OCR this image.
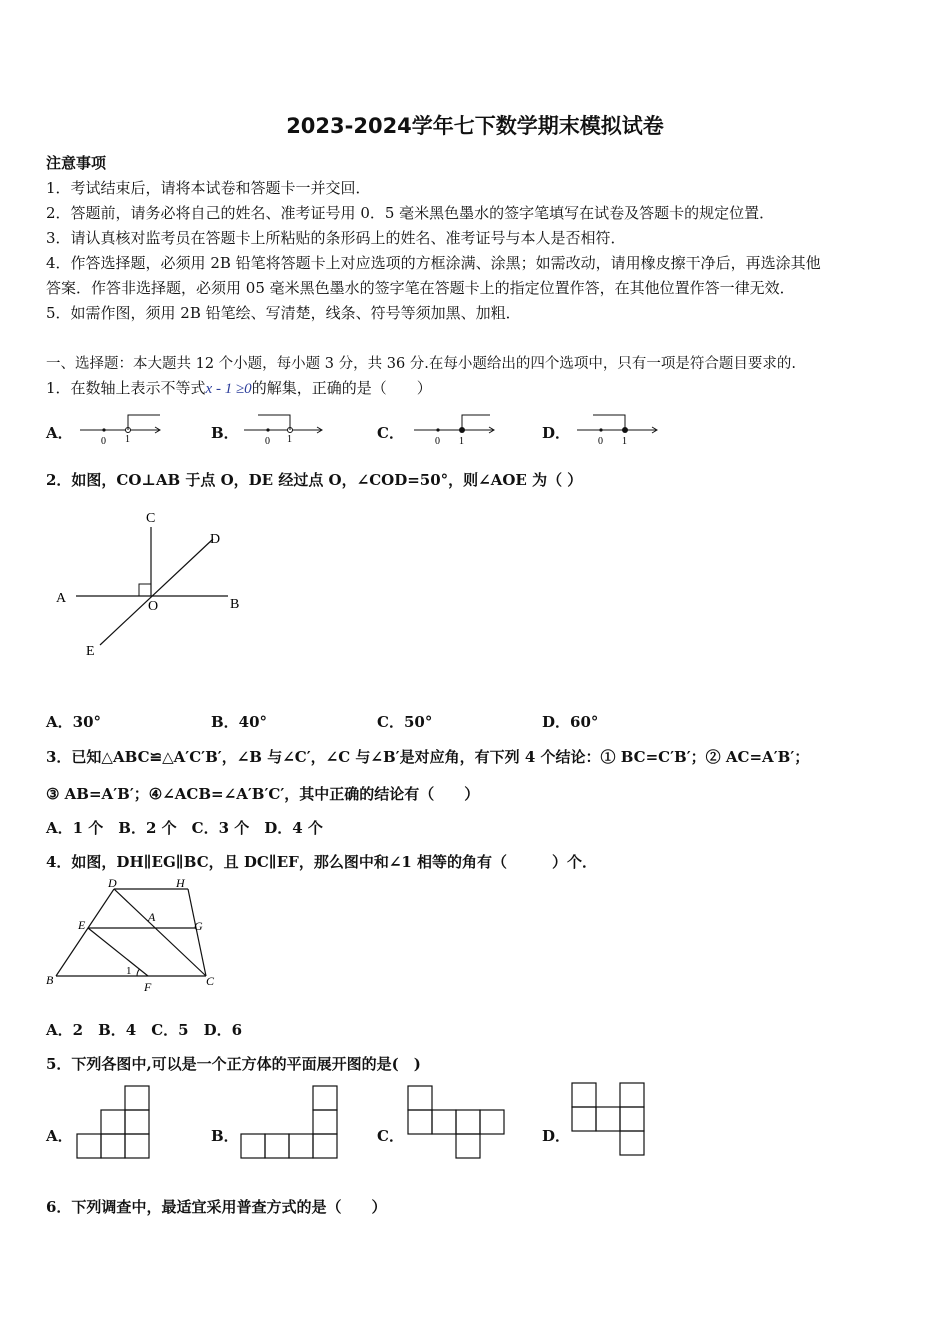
2023-2024学年七下数学期末模拟试卷
注意事项
1．考试结束后，请将本试卷和答题卡一并交回．
2．答题前，请务必将自己的姓名、准考证号用 0．5 毫米黑色墨水的签字笔填写在试卷及答题卡的规定位置．
3．请认真核对监考员在答题卡上所粘贴的条形码上的姓名、准考证号与本人是否相符．
4．作答选择题，必须用 2B 铅笔将答题卡上对应选项的方框涂满、涂黑；如需改动，请用橡皮擦干净后，再选涂其他
答案．作答非选择题，必须用 05 毫米黑色墨水的签字笔在答题卡上的指定位置作答，在其他位置作答一律无效．
5．如需作图，须用 2B 铅笔绘、写清楚，线条、符号等须加黑、加粗．
一、选择题：本大题共 12 个小题，每小题 3 分，共 36 分.在每小题给出的四个选项中，只有一项是符合题目要求的.
1．在数轴上表示不等式x - 1 ≥0的解集，正确的是（　　）
A．	0 1	B．	0 1	C．	0 1	D．	0 1
2．如图，CO⊥AB 于点 O，DE 经过点 O，∠COD=50°，则∠AOE 为（ ）
C
D
A	B
O
E
A．30°	B．40°	C．50°	D．60°
3．已知△ABC≌△A′C′B′，∠B 与∠C′，∠C 与∠B′是对应角，有下列 4 个结论：① BC=C′B′；② AC=A′B′；
③ AB=A′B′；④∠ACB=∠A′B′C′，其中正确的结论有（　　）
A．1 个　B．2 个　C．3 个　D．4 个
4．如图，DH∥EG∥BC，且 DC∥EF，那么图中和∠1 相等的角有（　　　）个．
D	H
E
A
G
B	F	C
1
A．2　B．4　C．5　D．6
5．下列各图中,可以是一个正方体的平面展开图的是(　)
A．	B．	C．	D．
6．下列调查中，最适宜采用普查方式的是（　　）
